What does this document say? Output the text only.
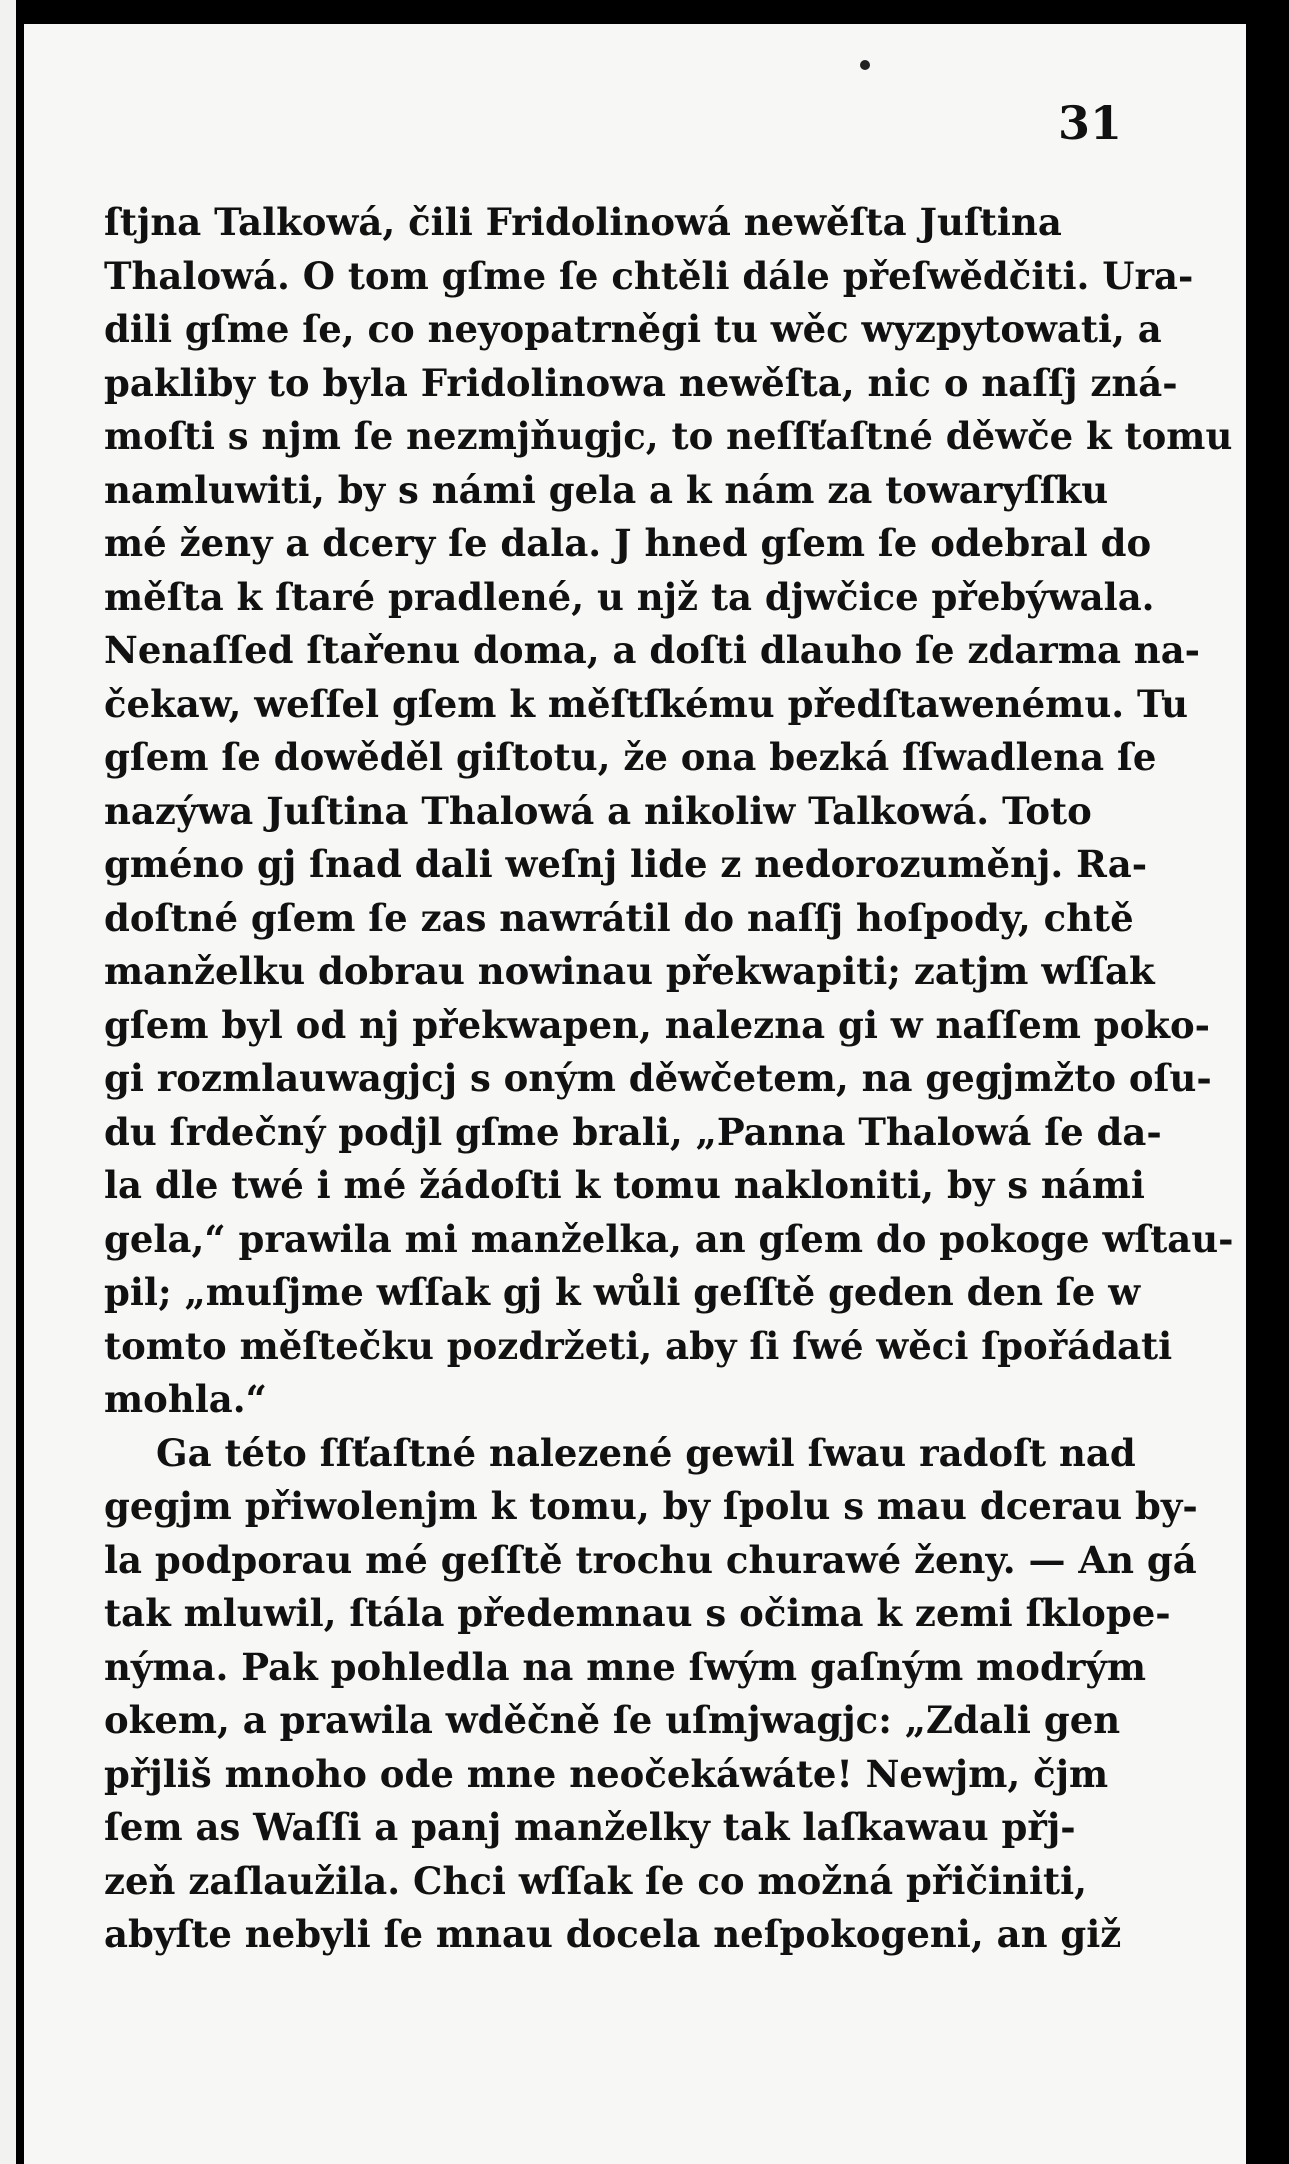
31
ſtjna Talkowá, čili Fridolinowá newěſta Juſtina
Thalowá. O tom gſme ſe chtěli dále přeſwědčiti. Ura-
dili gſme ſe, co neyopatrněgi tu wěc wyzpytowati, a
pakliby to byla Fridolinowa newěſta, nic o naſſj zná-
moſti s njm ſe nezmjňugjc, to neſſťaſtné děwče k tomu
namluwiti, by s námi gela a k nám za towaryſſku
mé ženy a dcery ſe dala. J hned gſem ſe odebral do
měſta k ſtaré pradlené, u njž ta djwčice přebýwala.
Nenaſſed ſtařenu doma, a doſti dlauho ſe zdarma na-
čekaw, weſſel gſem k měſtſkému předſtawenému. Tu
gſem ſe dowěděl giſtotu, že ona bezká ſſwadlena ſe
nazýwa Juſtina Thalowá a nikoliw Talkowá. Toto
gméno gj ſnad dali weſnj lide z nedorozuměnj. Ra-
doſtné gſem ſe zas nawrátil do naſſj hoſpody, chtě
manželku dobrau nowinau překwapiti; zatjm wſſak
gſem byl od nj překwapen, nalezna gi w naſſem poko-
gi rozmlauwagjcj s oným děwčetem, na gegjmžto oſu-
du ſrdečný podjl gſme brali, „Panna Thalowá ſe da-
la dle twé i mé žádoſti k tomu nakloniti, by s námi
gela,“ prawila mi manželka, an gſem do pokoge wſtau-
pil; „muſjme wſſak gj k wůli geſſtě geden den ſe w
tomto měſtečku pozdržeti, aby ſi ſwé wěci ſpořádati
mohla.“
Ga této ſſťaſtné nalezené gewil ſwau radoſt nad
gegjm přiwolenjm k tomu, by ſpolu s mau dcerau by-
la podporau mé geſſtě trochu churawé ženy. — An gá
tak mluwil, ſtála předemnau s očima k zemi ſklope-
nýma. Pak pohledla na mne ſwým gaſným modrým
okem, a prawila wděčně ſe uſmjwagjc: „Zdali gen
přjliš mnoho ode mne neočekáwáte! Newjm, čjm
ſem as Waſſi a panj manželky tak laſkawau přj-
zeň zaſlaužila. Chci wſſak ſe co možná přičiniti,
abyſte nebyli ſe mnau docela neſpokogeni, an giž
